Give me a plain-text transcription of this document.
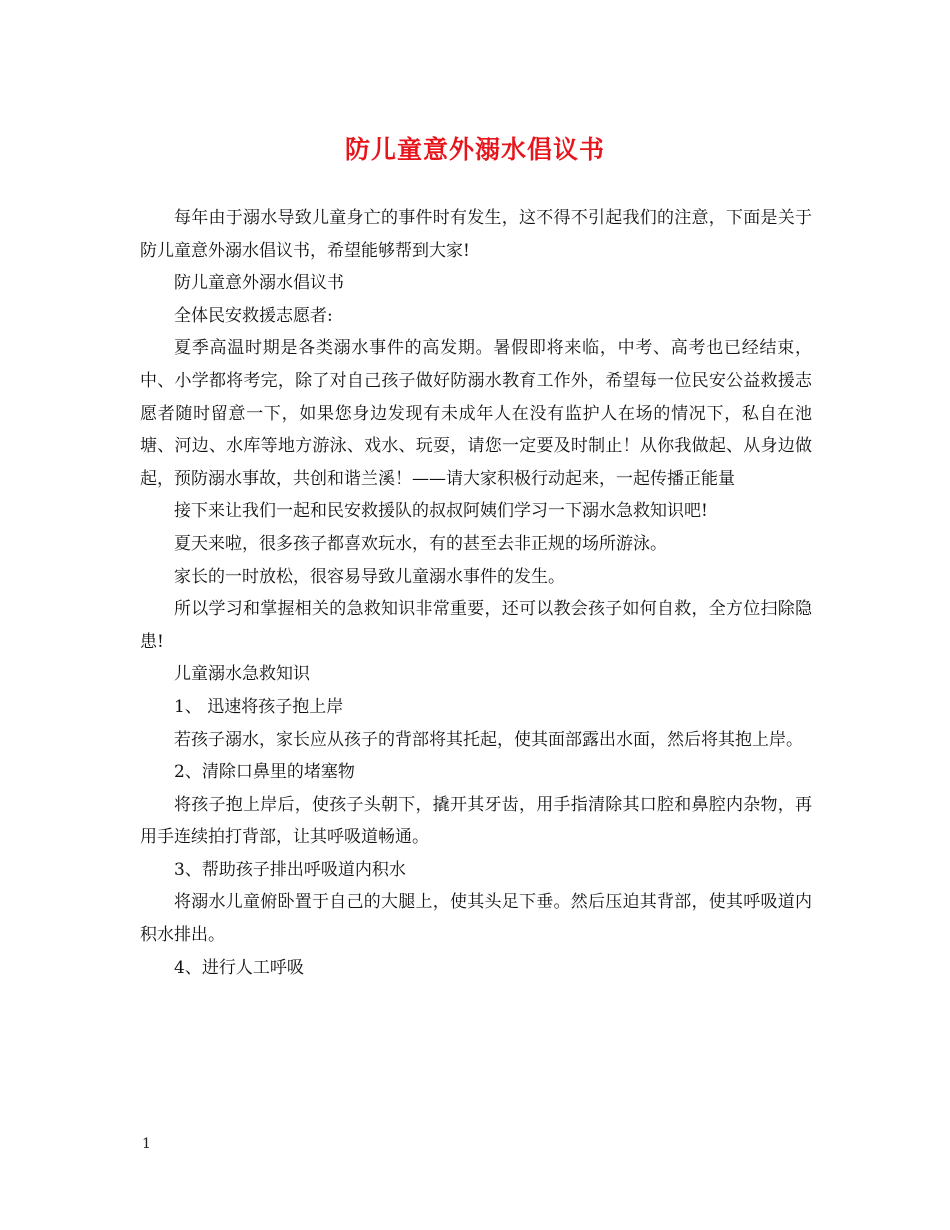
防儿童意外溺水倡议书

每年由于溺水导致儿童身亡的事件时有发生，这不得不引起我们的注意，下面是关于防儿童意外溺水倡议书，希望能够帮到大家!

防儿童意外溺水倡议书

全体民安救援志愿者:

夏季高温时期是各类溺水事件的高发期。暑假即将来临，中考、高考也已经结束，中、小学都将考完，除了对自己孩子做好防溺水教育工作外，希望每一位民安公益救援志愿者随时留意一下，如果您身边发现有未成年人在没有监护人在场的情况下，私自在池塘、河边、水库等地方游泳、戏水、玩耍，请您一定要及时制止！从你我做起、从身边做起，预防溺水事故，共创和谐兰溪！——请大家积极行动起来，一起传播正能量

接下来让我们一起和民安救援队的叔叔阿姨们学习一下溺水急救知识吧!

夏天来啦，很多孩子都喜欢玩水，有的甚至去非正规的场所游泳。

家长的一时放松，很容易导致儿童溺水事件的发生。

所以学习和掌握相关的急救知识非常重要，还可以教会孩子如何自救，全方位扫除隐患!

儿童溺水急救知识

1、 迅速将孩子抱上岸

若孩子溺水，家长应从孩子的背部将其托起，使其面部露出水面，然后将其抱上岸。

2、清除口鼻里的堵塞物

将孩子抱上岸后，使孩子头朝下，撬开其牙齿，用手指清除其口腔和鼻腔内杂物，再用手连续拍打背部，让其呼吸道畅通。

3、帮助孩子排出呼吸道内积水

将溺水儿童俯卧置于自己的大腿上，使其头足下垂。然后压迫其背部，使其呼吸道内积水排出。

4、进行人工呼吸

1
